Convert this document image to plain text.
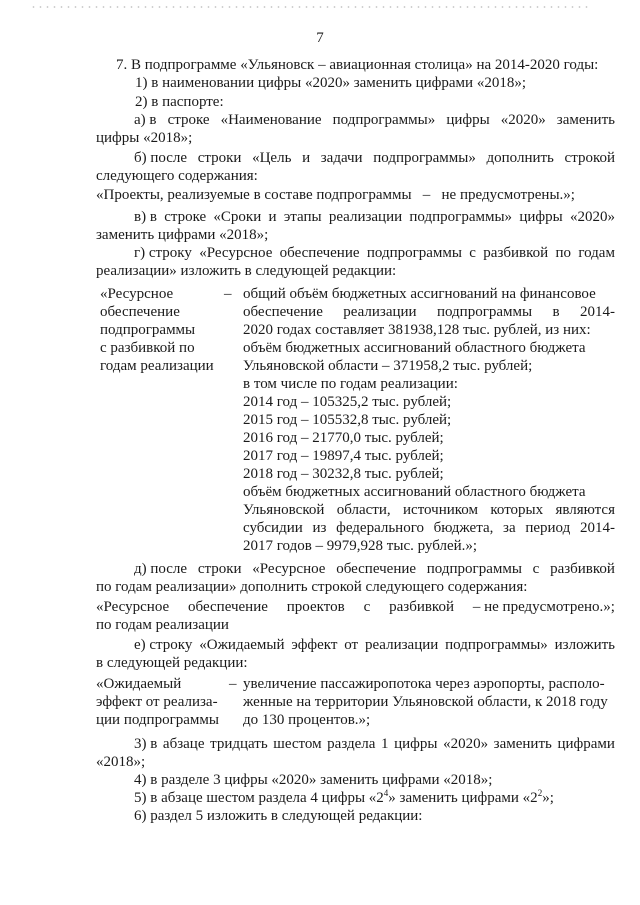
7
7. В подпрограмме «Ульяновск – авиационная столица» на 2014-2020 годы:
1) в наименовании цифры «2020» заменить цифрами «2018»;
2) в паспорте:
а) в строке «Наименование подпрограммы» цифры «2020» заменить
цифры «2018»;
б) после строки «Цель и задачи подпрограммы» дополнить строкой
следующего содержания:
«Проекты, реализуемые в составе подпрограммы   –   не предусмотрены.»;
в) в строке «Сроки и этапы реализации подпрограммы» цифры «2020»
заменить цифрами «2018»;
г) строку «Ресурсное обеспечение подпрограммы с разбивкой по годам
реализации» изложить в следующей редакции:
«Ресурсное
обеспечение
подпрограммы
с разбивкой по
годам реализации
– общий объём бюджетных ассигнований на финансовое
обеспечение реализации подпрограммы в 2014-
2020 годах составляет 381938,128 тыс. рублей, из них:
объём бюджетных ассигнований областного бюджета
Ульяновской области – 371958,2 тыс. рублей;
в том числе по годам реализации:
2014 год – 105325,2 тыс. рублей;
2015 год – 105532,8 тыс. рублей;
2016 год – 21770,0 тыс. рублей;
2017 год – 19897,4 тыс. рублей;
2018 год – 30232,8 тыс. рублей;
объём бюджетных ассигнований областного бюджета
Ульяновской области, источником которых являются
субсидии из федерального бюджета, за период 2014-
2017 годов – 9979,928 тыс. рублей.»;
д) после строки «Ресурсное обеспечение подпрограммы с разбивкой
по годам реализации» дополнить строкой следующего содержания:
«Ресурсное обеспечение проектов с разбивкой – не предусмотрено.»;
по годам реализации
е) строку «Ожидаемый эффект от реализации подпрограммы» изложить
в следующей редакции:
«Ожидаемый
эффект от реализа-
ции подпрограммы
– увеличение пассажиропотока через аэропорты, располо-
женные на территории Ульяновской области, к 2018 году
до 130 процентов.»;
3) в абзаце тридцать шестом раздела 1 цифры «2020» заменить цифрами
«2018»;
4) в разделе 3 цифры «2020» заменить цифрами «2018»;
5) в абзаце шестом раздела 4 цифры «$2^4$» заменить цифрами «$2^2$»;
6) раздел 5 изложить в следующей редакции:
